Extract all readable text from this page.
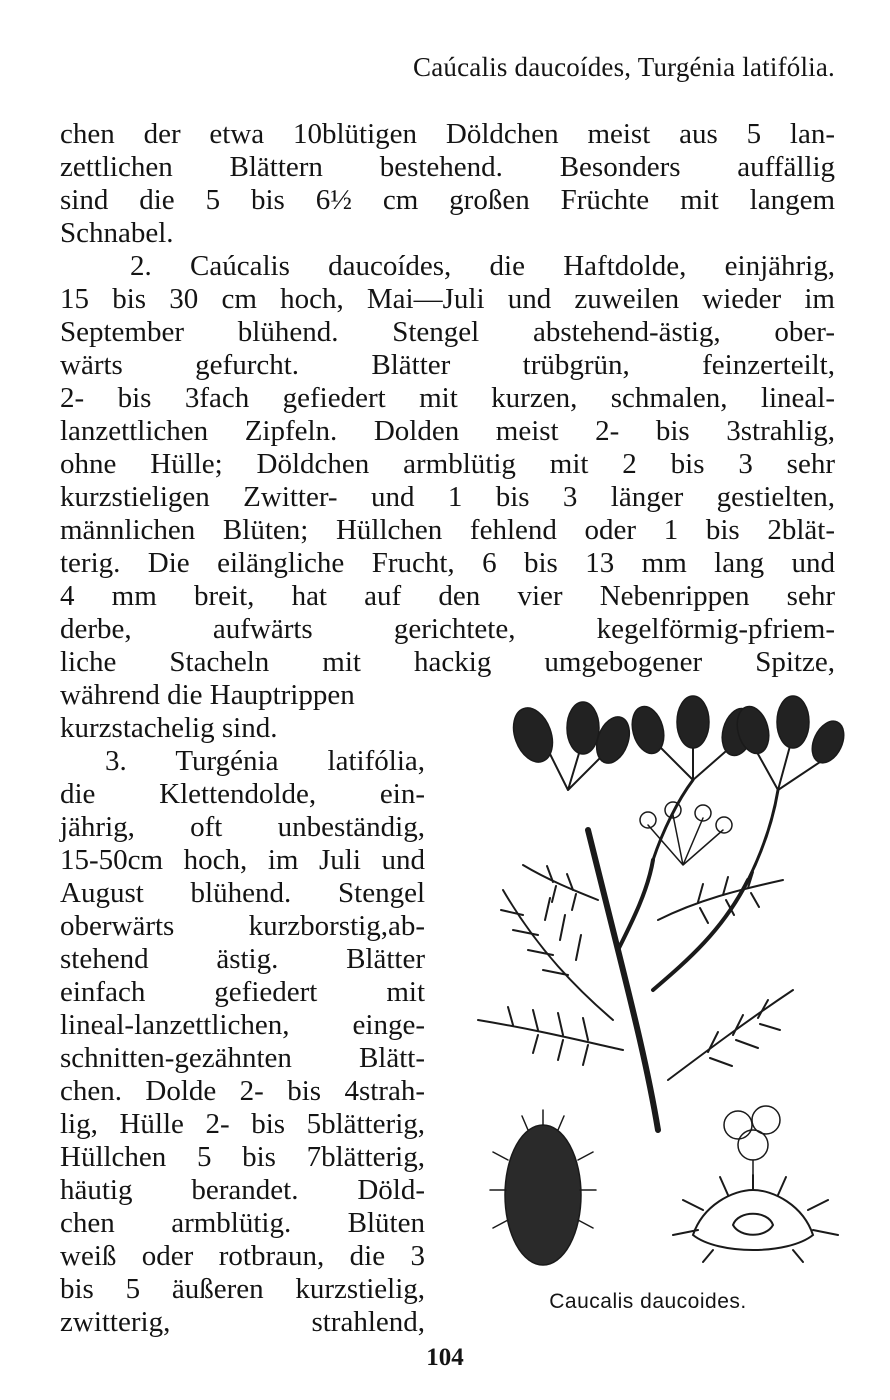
Caúcalis daucoídes, Turgénia latifólia.
chen der etwa 10blütigen Döldchen meist aus 5 lan-
zettlichen Blättern bestehend. Besonders auffällig
sind die 5 bis 6½ cm großen Früchte mit langem
Schnabel.
2. Caúcalis daucoídes, die Haftdolde, einjährig,
15 bis 30 cm hoch, Mai—Juli und zuweilen wieder im
September blühend. Stengel abstehend-ästig, ober-
wärts gefurcht. Blätter trübgrün, feinzerteilt,
2- bis 3fach gefiedert mit kurzen, schmalen, lineal-
lanzettlichen Zipfeln. Dolden meist 2- bis 3strahlig,
ohne Hülle; Döldchen armblütig mit 2 bis 3 sehr
kurzstieligen Zwitter- und 1 bis 3 länger gestielten,
männlichen Blüten; Hüllchen fehlend oder 1 bis 2blät-
terig. Die eilängliche Frucht, 6 bis 13 mm lang und
4 mm breit, hat auf den vier Nebenrippen sehr
derbe, aufwärts gerichtete, kegelförmig-pfriem-
liche Stacheln mit hackig umgebogener Spitze,
während die Hauptrippen
kurzstachelig sind.
3. Turgénia latifólia,
die Klettendolde, ein-
jährig, oft unbeständig,
15-50cm hoch, im Juli und
August blühend. Stengel
oberwärts kurzborstig,ab-
stehend ästig. Blätter
einfach gefiedert mit
lineal-lanzettlichen, einge-
schnitten-gezähnten Blätt-
chen. Dolde 2- bis 4strah-
lig, Hülle 2- bis 5blätterig,
Hüllchen 5 bis 7blätterig,
häutig berandet. Döld-
chen armblütig. Blüten
weiß oder rotbraun, die 3
bis 5 äußeren kurzstielig,
zwitterig, strahlend,
Caucalis daucoides.
104
